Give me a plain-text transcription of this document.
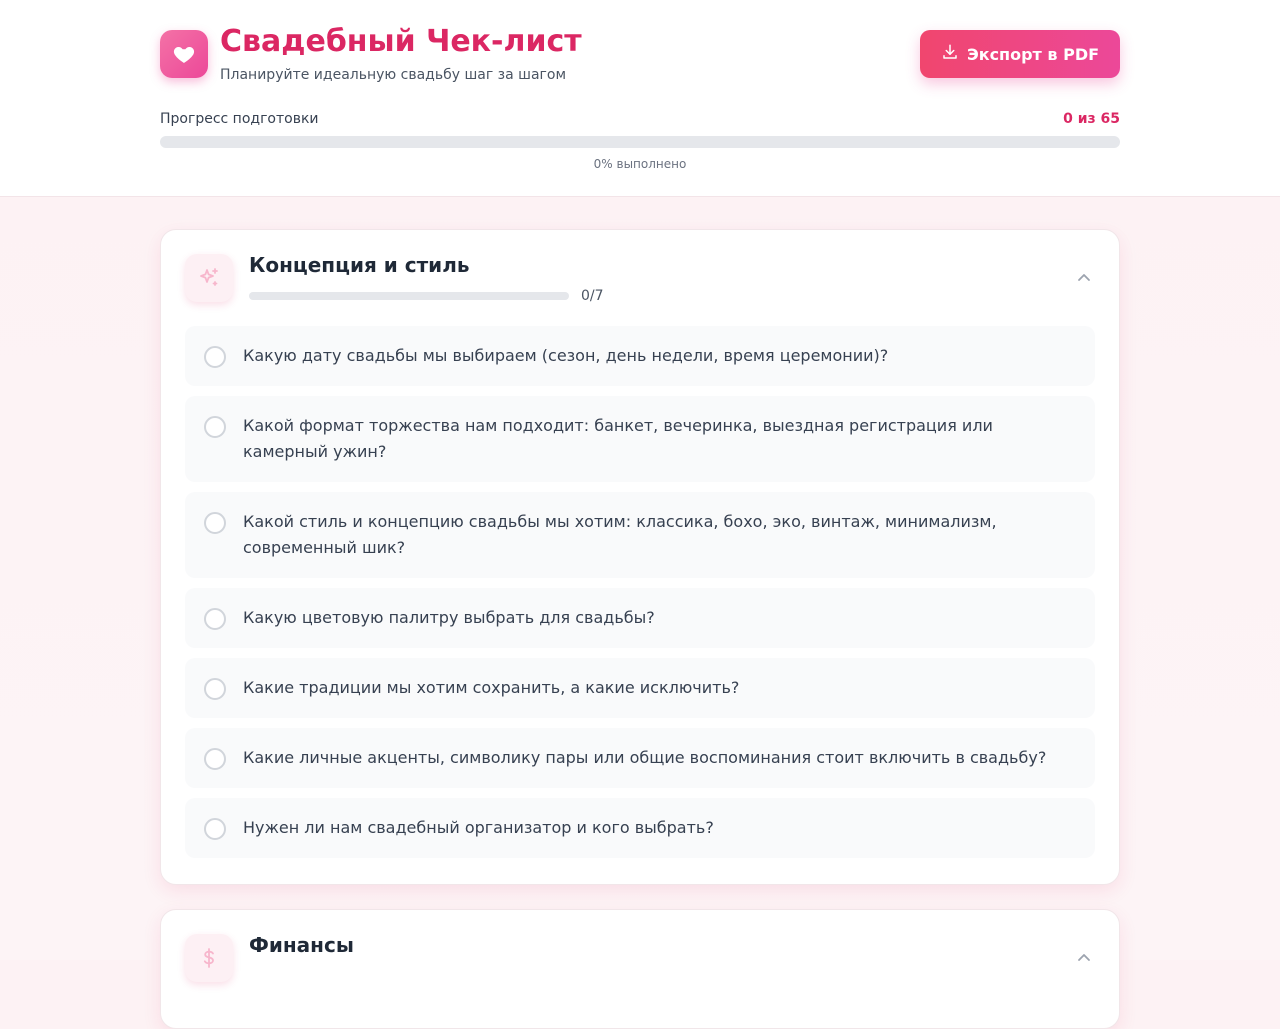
Свадебный Чек-лист
Планируйте идеальную свадьбу шаг за шагом
Экспорт в PDF
Прогресс подготовки	0 из 65
0% выполнено
Концепция и стиль
0/7
Какую дату свадьбы мы выбираем (сезон, день недели, время церемонии)?
Какой формат торжества нам подходит: банкет, вечеринка, выездная регистрация или камерный ужин?
Какой стиль и концепцию свадьбы мы хотим: классика, бохо, эко, винтаж, минимализм, современный шик?
Какую цветовую палитру выбрать для свадьбы?
Какие традиции мы хотим сохранить, а какие исключить?
Какие личные акценты, символику пары или общие воспоминания стоит включить в свадьбу?
Нужен ли нам свадебный организатор и кого выбрать?
Финансы
